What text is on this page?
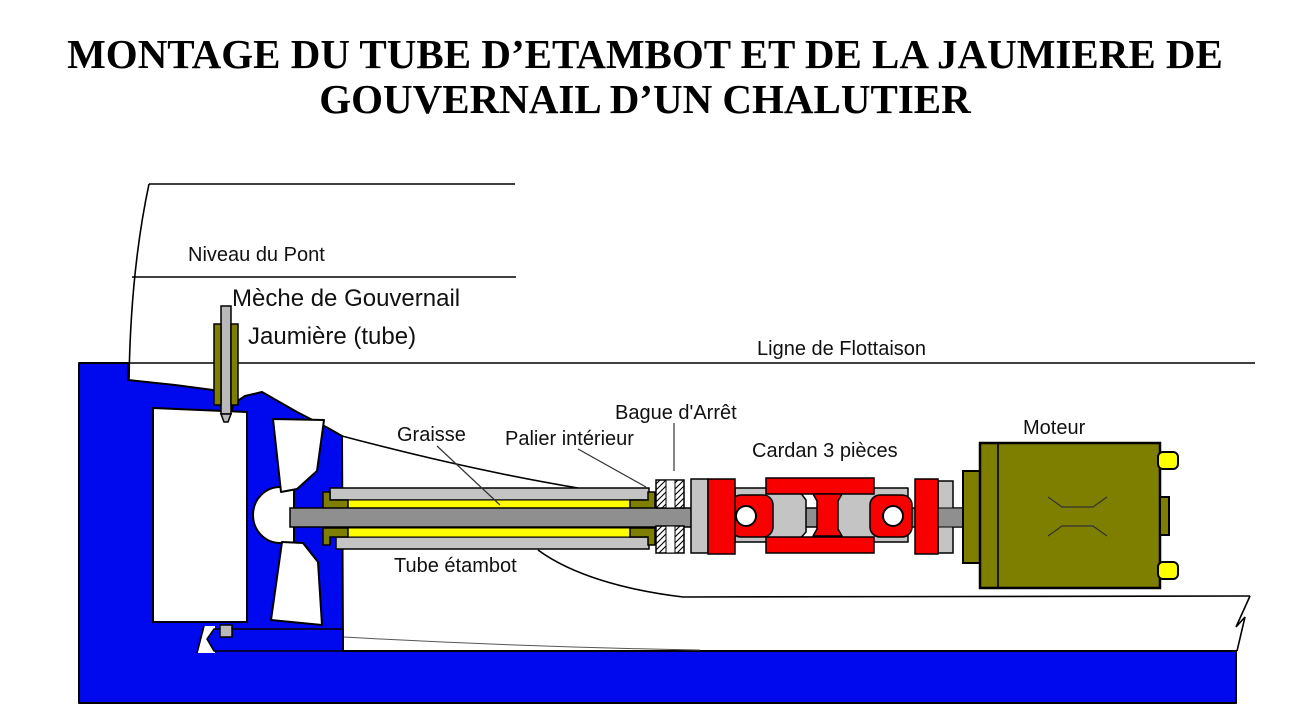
MONTAGE DU TUBE D’ETAMBOT ET DE LA JAUMIERE DE
GOUVERNAIL D’UN CHALUTIER
Niveau du Pont
Mèche de Gouvernail
Jaumière (tube)	Ligne de Flottaison
Graisse Palier intérieur
Bague d'Arrêt
Cardan 3 pièces
Moteur
Tube étambot
